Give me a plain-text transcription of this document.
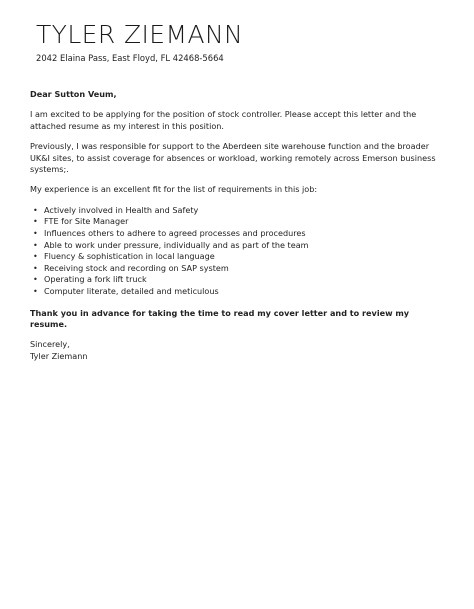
TYLER ZIEMANN
2042 Elaina Pass, East Floyd, FL 42468-5664

Dear Sutton Veum,

I am excited to be applying for the position of stock controller. Please accept this letter and the attached resume as my interest in this position.

Previously, I was responsible for support to the Aberdeen site warehouse function and the broader UK&I sites, to assist coverage for absences or workload, working remotely across Emerson business systems;.

My experience is an excellent fit for the list of requirements in this job:

• Actively involved in Health and Safety
• FTE for Site Manager
• Influences others to adhere to agreed processes and procedures
• Able to work under pressure, individually and as part of the team
• Fluency & sophistication in local language
• Receiving stock and recording on SAP system
• Operating a fork lift truck
• Computer literate, detailed and meticulous

Thank you in advance for taking the time to read my cover letter and to review my resume.

Sincerely,

Tyler Ziemann
